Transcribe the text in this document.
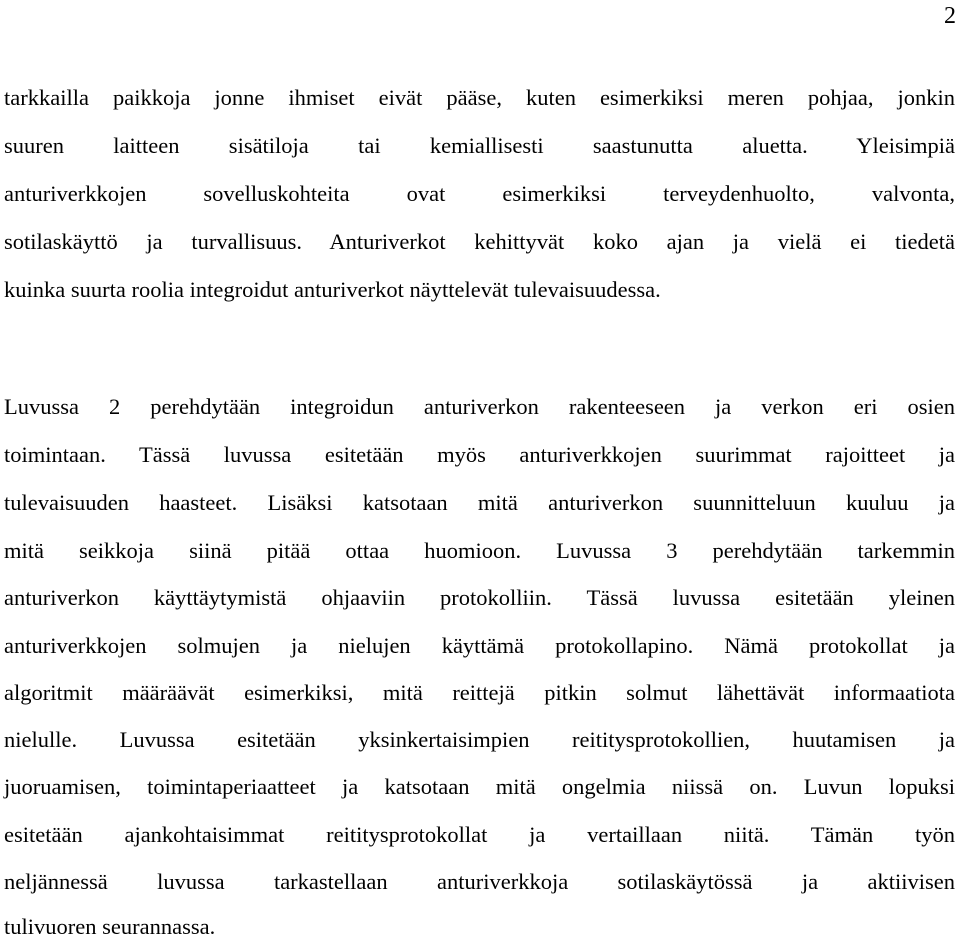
2
tarkkailla paikkoja jonne ihmiset eivät pääse, kuten esimerkiksi meren pohjaa, jonkin
suuren laitteen sisätiloja tai kemiallisesti saastunutta aluetta. Yleisimpiä
anturiverkkojen sovelluskohteita ovat esimerkiksi terveydenhuolto, valvonta,
sotilaskäyttö ja turvallisuus. Anturiverkot kehittyvät koko ajan ja vielä ei tiedetä
kuinka suurta roolia integroidut anturiverkot näyttelevät tulevaisuudessa.
Luvussa 2 perehdytään integroidun anturiverkon rakenteeseen ja verkon eri osien
toimintaan. Tässä luvussa esitetään myös anturiverkkojen suurimmat rajoitteet ja
tulevaisuuden haasteet. Lisäksi katsotaan mitä anturiverkon suunnitteluun kuuluu ja
mitä seikkoja siinä pitää ottaa huomioon. Luvussa 3 perehdytään tarkemmin
anturiverkon käyttäytymistä ohjaaviin protokolliin. Tässä luvussa esitetään yleinen
anturiverkkojen solmujen ja nielujen käyttämä protokollapino. Nämä protokollat ja
algoritmit määräävät esimerkiksi, mitä reittejä pitkin solmut lähettävät informaatiota
nielulle. Luvussa esitetään yksinkertaisimpien reititysprotokollien, huutamisen ja
juoruamisen, toimintaperiaatteet ja katsotaan mitä ongelmia niissä on. Luvun lopuksi
esitetään ajankohtaisimmat reititysprotokollat ja vertaillaan niitä. Tämän työn
neljännessä luvussa tarkastellaan anturiverkkoja sotilaskäytössä ja aktiivisen
tulivuoren seurannassa.
